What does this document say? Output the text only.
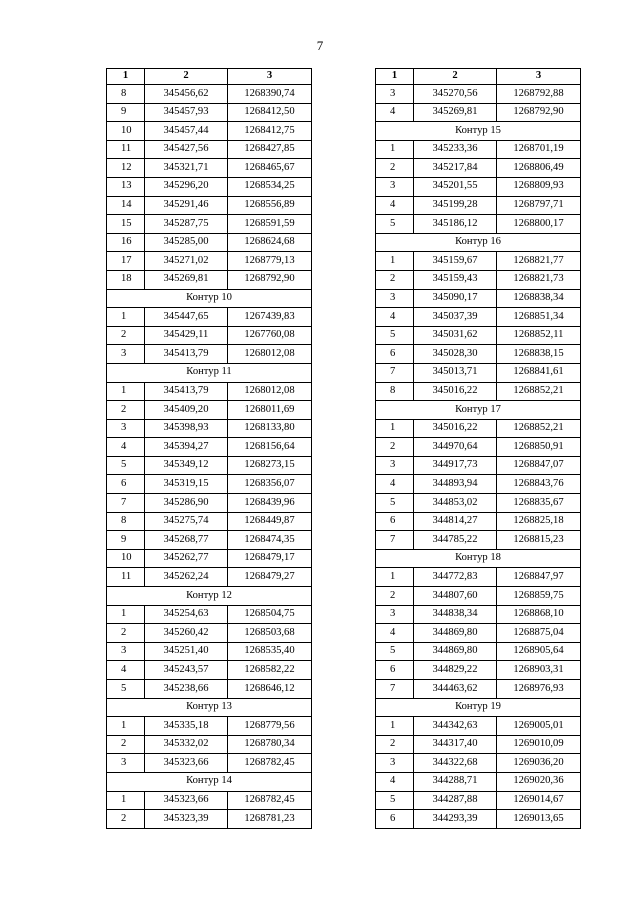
7
1	2	3
8	345456,62	1268390,74
9	345457,93	1268412,50
10	345457,44	1268412,75
11	345427,56	1268427,85
12	345321,71	1268465,67
13	345296,20	1268534,25
14	345291,46	1268556,89
15	345287,75	1268591,59
16	345285,00	1268624,68
17	345271,02	1268779,13
18	345269,81	1268792,90
Контур 10		
1	345447,65	1267439,83
2	345429,11	1267760,08
3	345413,79	1268012,08
Контур 11		
1	345413,79	1268012,08
2	345409,20	1268011,69
3	345398,93	1268133,80
4	345394,27	1268156,64
5	345349,12	1268273,15
6	345319,15	1268356,07
7	345286,90	1268439,96
8	345275,74	1268449,87
9	345268,77	1268474,35
10	345262,77	1268479,17
11	345262,24	1268479,27
Контур 12		
1	345254,63	1268504,75
2	345260,42	1268503,68
3	345251,40	1268535,40
4	345243,57	1268582,22
5	345238,66	1268646,12
Контур 13		
1	345335,18	1268779,56
2	345332,02	1268780,34
3	345323,66	1268782,45
Контур 14		
1	345323,66	1268782,45
2	345323,39	1268781,23
1	2	3
3	345270,56	1268792,88
4	345269,81	1268792,90
Контур 15		
1	345233,36	1268701,19
2	345217,84	1268806,49
3	345201,55	1268809,93
4	345199,28	1268797,71
5	345186,12	1268800,17
Контур 16		
1	345159,67	1268821,77
2	345159,43	1268821,73
3	345090,17	1268838,34
4	345037,39	1268851,34
5	345031,62	1268852,11
6	345028,30	1268838,15
7	345013,71	1268841,61
8	345016,22	1268852,21
Контур 17		
1	345016,22	1268852,21
2	344970,64	1268850,91
3	344917,73	1268847,07
4	344893,94	1268843,76
5	344853,02	1268835,67
6	344814,27	1268825,18
7	344785,22	1268815,23
Контур 18		
1	344772,83	1268847,97
2	344807,60	1268859,75
3	344838,34	1268868,10
4	344869,80	1268875,04
5	344869,80	1268905,64
6	344829,22	1268903,31
7	344463,62	1268976,93
Контур 19		
1	344342,63	1269005,01
2	344317,40	1269010,09
3	344322,68	1269036,20
4	344288,71	1269020,36
5	344287,88	1269014,67
6	344293,39	1269013,65
